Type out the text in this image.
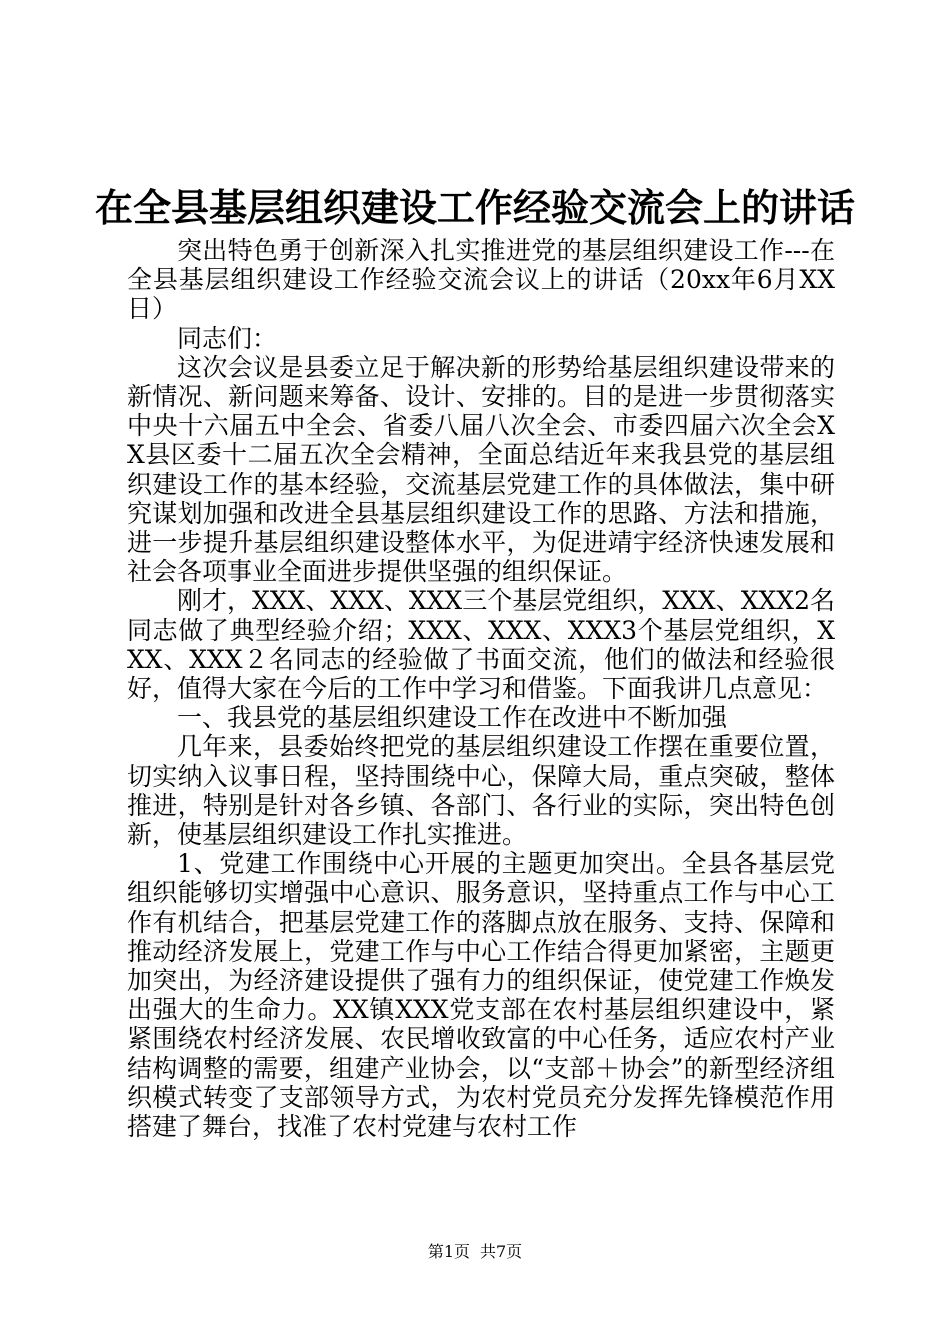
在全县基层组织建设工作经验交流会上的讲话

突出特色勇于创新深入扎实推进党的基层组织建设工作---在全县基层组织建设工作经验交流会议上的讲话（20xx年6月XX日）

同志们：

这次会议是县委立足于解决新的形势给基层组织建设带来的新情况、新问题来筹备、设计、安排的。目的是进一步贯彻落实中央十六届五中全会、省委八届八次全会、市委四届六次全会XX县区委十二届五次全会精神，全面总结近年来我县党的基层组织建设工作的基本经验，交流基层党建工作的具体做法，集中研究谋划加强和改进全县基层组织建设工作的思路、方法和措施，进一步提升基层组织建设整体水平，为促进靖宇经济快速发展和社会各项事业全面进步提供坚强的组织保证。

刚才，XXX、XXX、XXX三个基层党组织，XXX、XXX2名同志做了典型经验介绍；XXX、XXX、XXX3个基层党组织，XXX、XXX２名同志的经验做了书面交流，他们的做法和经验很好，值得大家在今后的工作中学习和借鉴。下面我讲几点意见：

一、我县党的基层组织建设工作在改进中不断加强

几年来，县委始终把党的基层组织建设工作摆在重要位置，切实纳入议事日程，坚持围绕中心，保障大局，重点突破，整体推进，特别是针对各乡镇、各部门、各行业的实际，突出特色创新，使基层组织建设工作扎实推进。

1、党建工作围绕中心开展的主题更加突出。全县各基层党组织能够切实增强中心意识、服务意识，坚持重点工作与中心工作有机结合，把基层党建工作的落脚点放在服务、支持、保障和推动经济发展上，党建工作与中心工作结合得更加紧密，主题更加突出，为经济建设提供了强有力的组织保证，使党建工作焕发出强大的生命力。XX镇XXX党支部在农村基层组织建设中，紧紧围绕农村经济发展、农民增收致富的中心任务，适应农村产业结构调整的需要，组建产业协会，以“支部＋协会”的新型经济组织模式转变了支部领导方式，为农村党员充分发挥先锋模范作用搭建了舞台，找准了农村党建与农村工作

第1页 共7页
